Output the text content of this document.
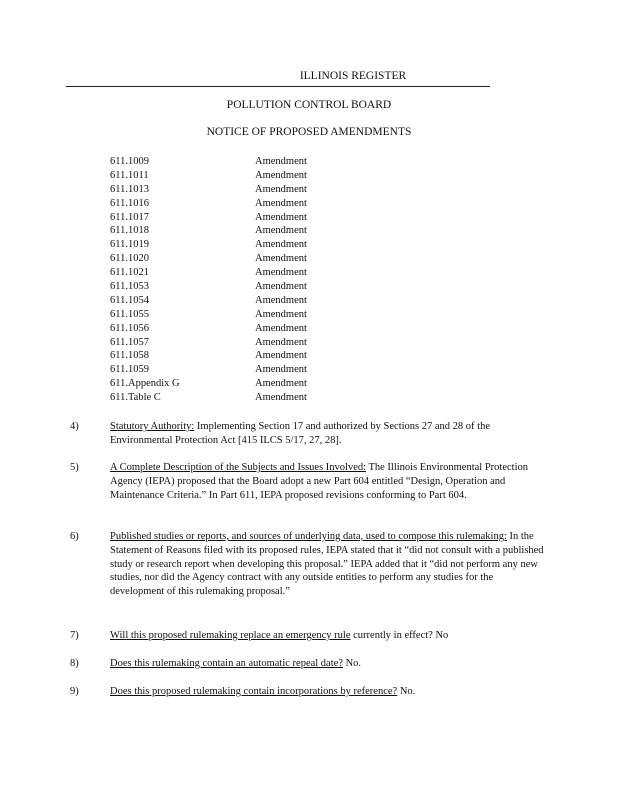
ILLINOIS REGISTER
POLLUTION CONTROL BOARD
NOTICE OF PROPOSED AMENDMENTS
611.1009	Amendment
611.1011	Amendment
611.1013	Amendment
611.1016	Amendment
611.1017	Amendment
611.1018	Amendment
611.1019	Amendment
611.1020	Amendment
611.1021	Amendment
611.1053	Amendment
611.1054	Amendment
611.1055	Amendment
611.1056	Amendment
611.1057	Amendment
611.1058	Amendment
611.1059	Amendment
611.Appendix G	Amendment
611.Table C	Amendment
4)	Statutory Authority: Implementing Section 17 and authorized by Sections 27 and 28 of the Environmental Protection Act [415 ILCS 5/17, 27, 28].
5)	A Complete Description of the Subjects and Issues Involved: The Illinois Environmental Protection Agency (IEPA) proposed that the Board adopt a new Part 604 entitled “Design, Operation and Maintenance Criteria.” In Part 611, IEPA proposed revisions conforming to Part 604.
6)	Published studies or reports, and sources of underlying data, used to compose this rulemaking: In the Statement of Reasons filed with its proposed rules, IEPA stated that it “did not consult with a published study or research report when developing this proposal.” IEPA added that it “did not perform any new studies, nor did the Agency contract with any outside entities to perform any studies for the development of this rulemaking proposal.”
7)	Will this proposed rulemaking replace an emergency rule currently in effect? No
8)	Does this rulemaking contain an automatic repeal date? No.
9)	Does this proposed rulemaking contain incorporations by reference? No.
